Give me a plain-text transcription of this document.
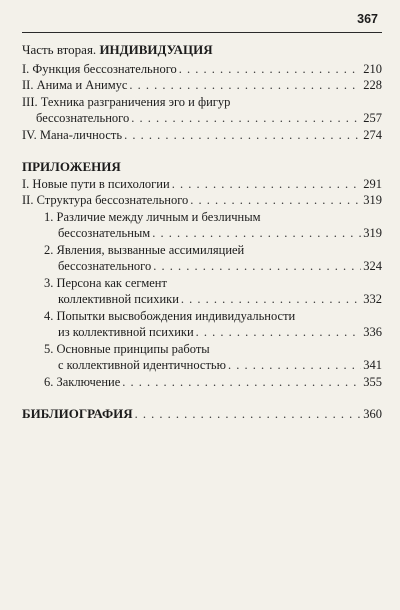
367
Часть вторая. ИНДИВИДУАЦИЯ
I. Функция бессознательного . . .	210
II. Анима и Анимус . . .	228
III. Техника разграничения эго и фигур
бессознательного . . .	257
IV. Мана-личность . . .	274
ПРИЛОЖЕНИЯ
I. Новые пути в психологии . . .	291
II. Структура бессознательного . . .	319
1. Различие между личным и безличным
бессознательным . . .	319
2. Явления, вызванные ассимиляцией
бессознательного . . .	324
3. Персона как сегмент
коллективной психики . . .	332
4. Попытки высвобождения индивидуальности
из коллективной психики . . .	336
5. Основные принципы работы
с коллективной идентичностью . . .	341
6. Заключение . . .	355
БИБЛИОГРАФИЯ . . .	360
